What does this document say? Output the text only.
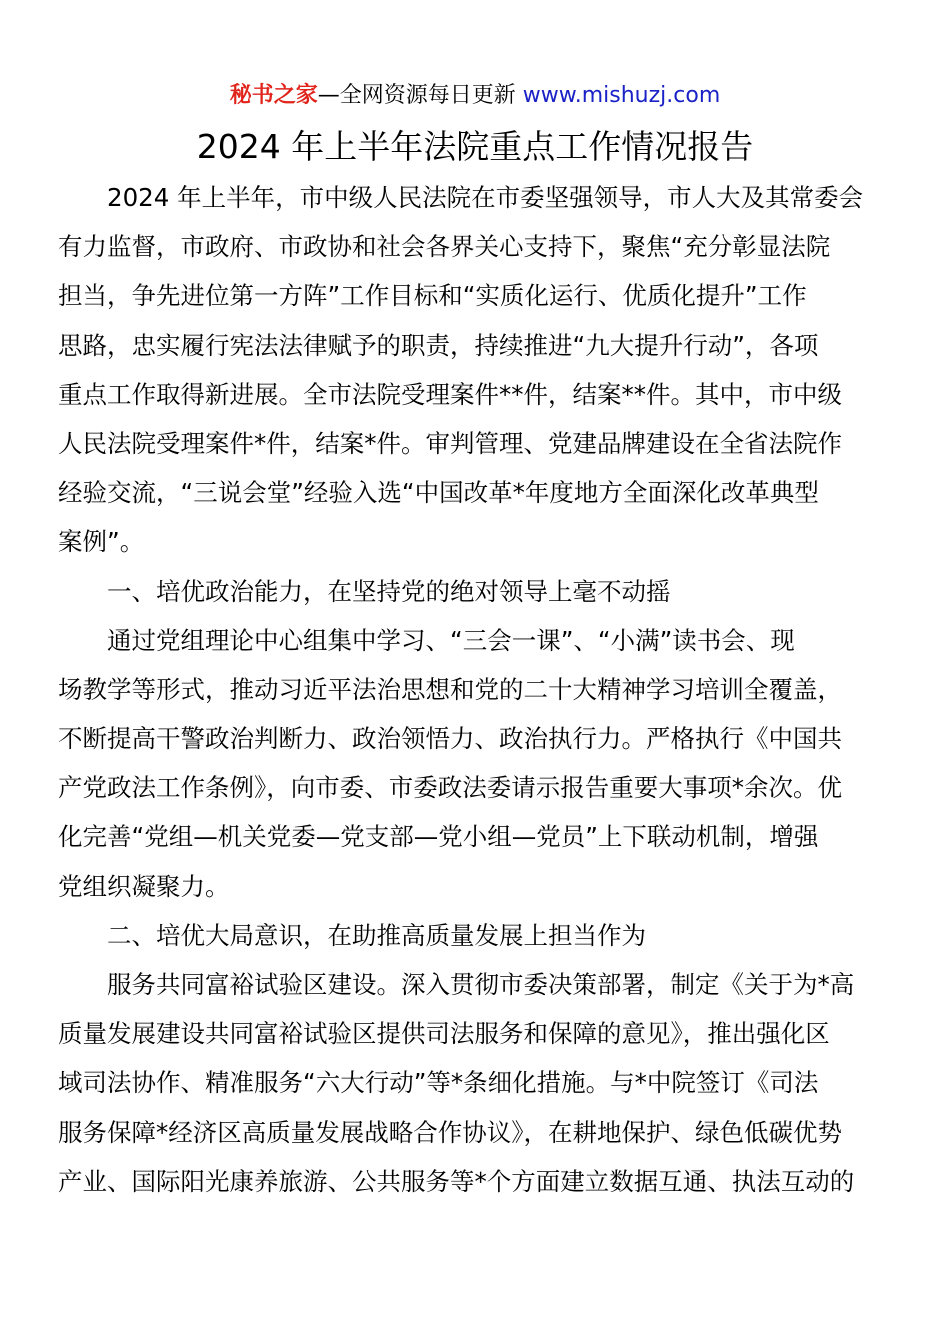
秘书之家—全网资源每日更新 www.mishuzj.com
2024 年上半年法院重点工作情况报告
2024 年上半年，市中级人民法院在市委坚强领导，市人大及其常委会
有力监督，市政府、市政协和社会各界关心支持下，聚焦“充分彰显法院
担当，争先进位第一方阵”工作目标和“实质化运行、优质化提升”工作
思路，忠实履行宪法法律赋予的职责，持续推进“九大提升行动”，各项
重点工作取得新进展。全市法院受理案件**件，结案**件。其中，市中级
人民法院受理案件*件，结案*件。审判管理、党建品牌建设在全省法院作
经验交流，“三说会堂”经验入选“中国改革*年度地方全面深化改革典型
案例”。
一、培优政治能力，在坚持党的绝对领导上毫不动摇
通过党组理论中心组集中学习、“三会一课”、“小满”读书会、现
场教学等形式，推动习近平法治思想和党的二十大精神学习培训全覆盖，
不断提高干警政治判断力、政治领悟力、政治执行力。严格执行《中国共
产党政法工作条例》，向市委、市委政法委请示报告重要大事项*余次。优
化完善“党组—机关党委—党支部—党小组—党员”上下联动机制，增强
党组织凝聚力。
二、培优大局意识，在助推高质量发展上担当作为
服务共同富裕试验区建设。深入贯彻市委决策部署，制定《关于为*高
质量发展建设共同富裕试验区提供司法服务和保障的意见》，推出强化区
域司法协作、精准服务“六大行动”等*条细化措施。与*中院签订《司法
服务保障*经济区高质量发展战略合作协议》，在耕地保护、绿色低碳优势
产业、国际阳光康养旅游、公共服务等*个方面建立数据互通、执法互动的
